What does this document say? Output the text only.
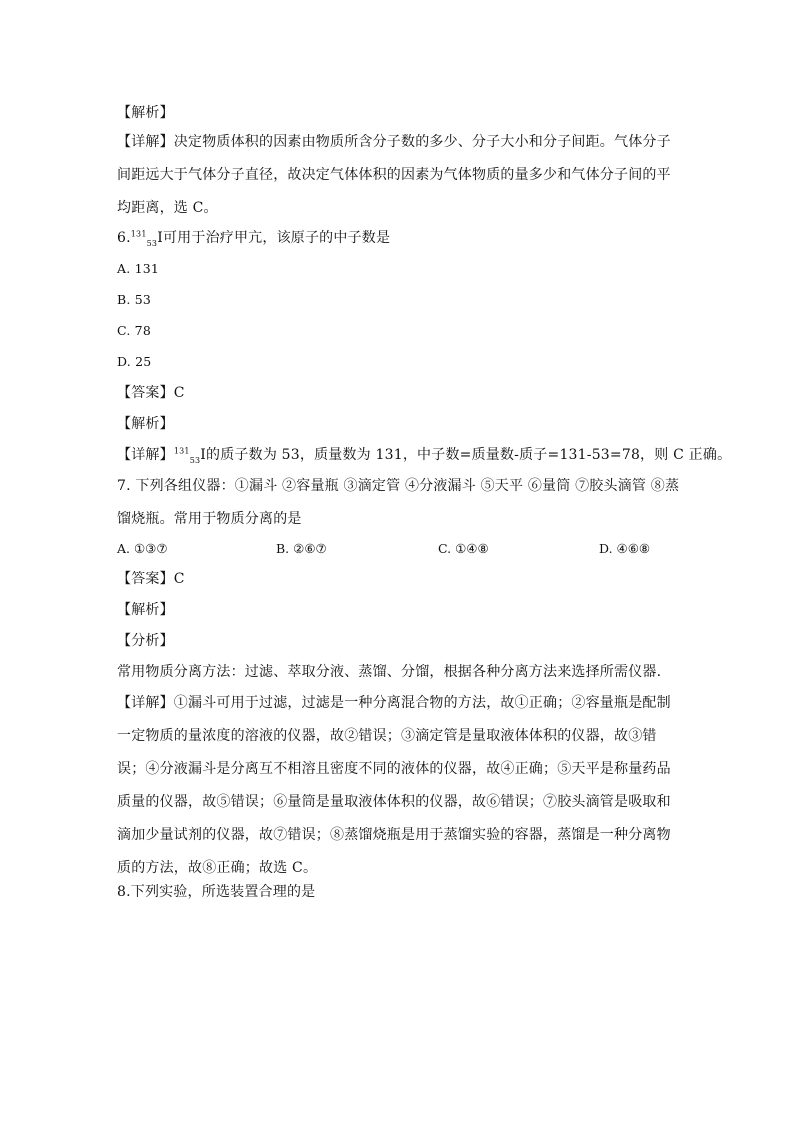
【解析】
【详解】决定物质体积的因素由物质所含分子数的多少、分子大小和分子间距。气体分子间距远大于气体分子直径，故决定气体体积的因素为气体物质的量多少和气体分子间的平均距离，选 C。
6.$^{131}_{53}$I可用于治疗甲亢，该原子的中子数是
A. 131
B. 53
C. 78
D. 25
【答案】C
【解析】
【详解】$^{131}_{53}$I的质子数为 53，质量数为 131，中子数=质量数-质子=131-53=78，则 C 正确。
7. 下列各组仪器：①漏斗 ②容量瓶 ③滴定管 ④分液漏斗 ⑤天平 ⑥量筒 ⑦胶头滴管 ⑧蒸馏烧瓶。常用于物质分离的是
A. ①③⑦	B. ②⑥⑦	C. ①④⑧	D. ④⑥⑧
【答案】C
【解析】
【分析】
常用物质分离方法：过滤、萃取分液、蒸馏、分馏，根据各种分离方法来选择所需仪器.
【详解】①漏斗可用于过滤，过滤是一种分离混合物的方法，故①正确；②容量瓶是配制一定物质的量浓度的溶液的仪器，故②错误；③滴定管是量取液体体积的仪器，故③错误；④分液漏斗是分离互不相溶且密度不同的液体的仪器，故④正确；⑤天平是称量药品质量的仪器，故⑤错误；⑥量筒是量取液体体积的仪器，故⑥错误；⑦胶头滴管是吸取和滴加少量试剂的仪器，故⑦错误；⑧蒸馏烧瓶是用于蒸馏实验的容器，蒸馏是一种分离物质的方法，故⑧正确；故选 C。
8.下列实验，所选装置合理的是
